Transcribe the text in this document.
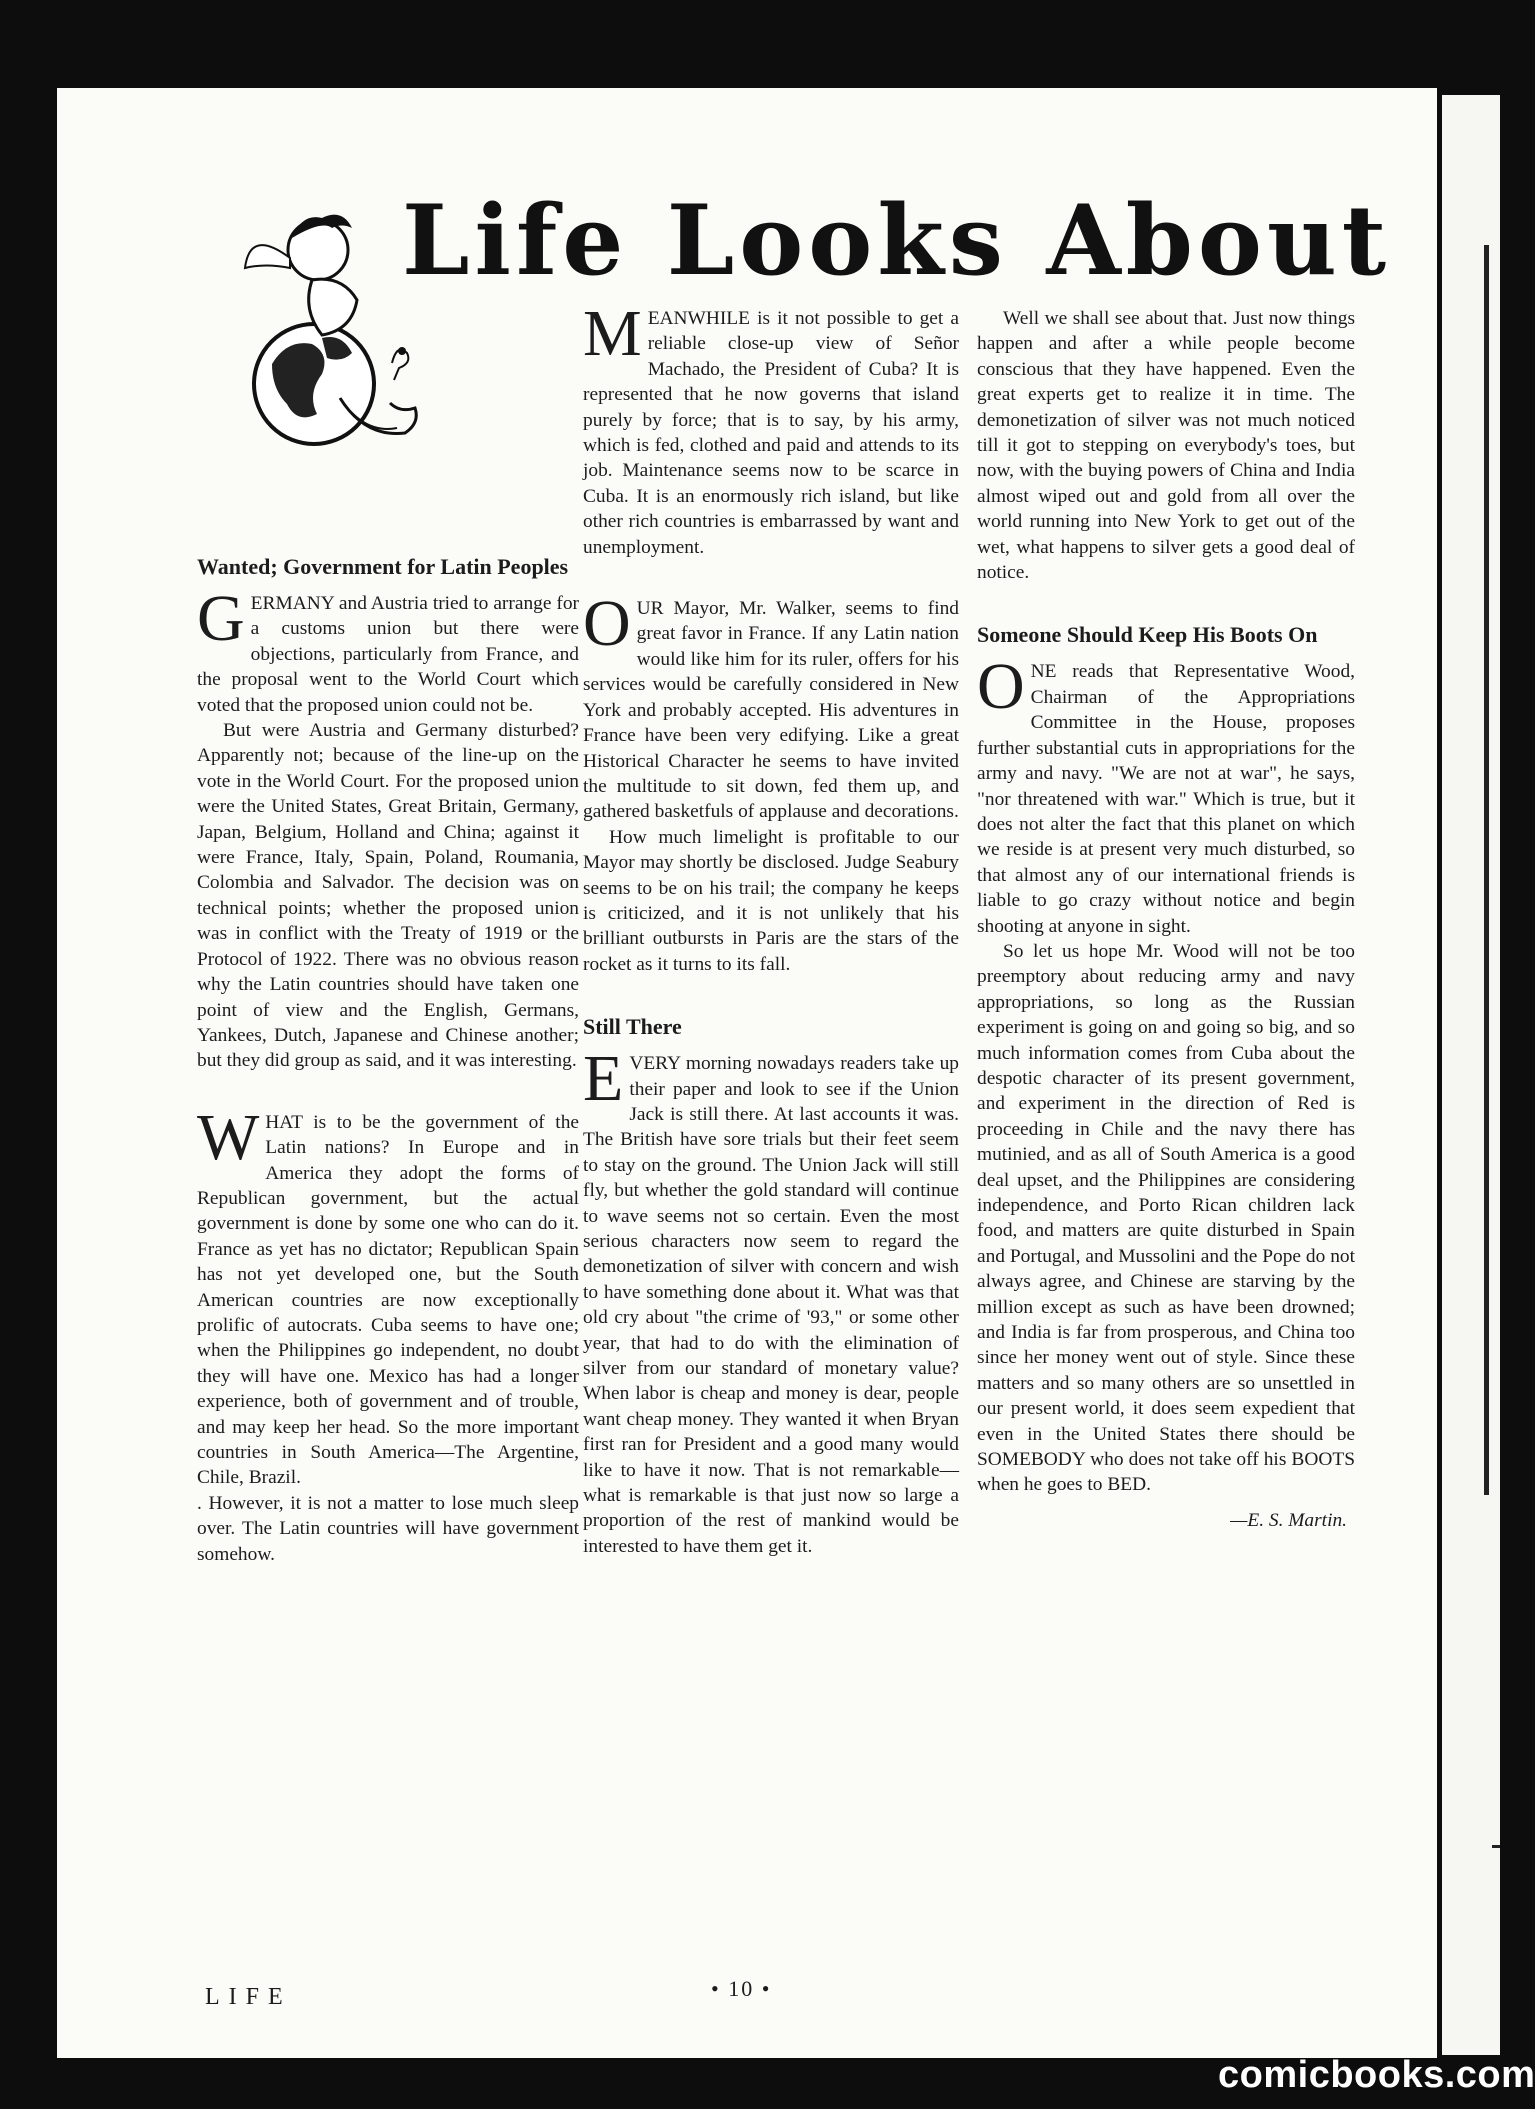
Life Looks About
Wanted; Government for Latin Peoples

GERMANY and Austria tried to arrange for a customs union but there were objections, particularly from France, and the proposal went to the World Court which voted that the proposed union could not be.

But were Austria and Germany disturbed? Apparently not; because of the line-up on the vote in the World Court. For the proposed union were the United States, Great Britain, Germany, Japan, Belgium, Holland and China; against it were France, Italy, Spain, Poland, Roumania, Colombia and Salvador. The decision was on technical points; whether the proposed union was in conflict with the Treaty of 1919 or the Protocol of 1922. There was no obvious reason why the Latin countries should have taken one point of view and the English, Germans, Yankees, Dutch, Japanese and Chinese another; but they did group as said, and it was interesting.

WHAT is to be the government of the Latin nations? In Europe and in America they adopt the forms of Republican government, but the actual government is done by some one who can do it. France as yet has no dictator; Republican Spain has not yet developed one, but the South American countries are now exceptionally prolific of autocrats. Cuba seems to have one; when the Philippines go independent, no doubt they will have one. Mexico has had a longer experience, both of government and of trouble, and may keep her head. So the more important countries in South America—The Argentine, Chile, Brazil.

. However, it is not a matter to lose much sleep over. The Latin countries will have government somehow.

MEANWHILE is it not possible to get a reliable close-up view of Señor Machado, the President of Cuba? It is represented that he now governs that island purely by force; that is to say, by his army, which is fed, clothed and paid and attends to its job. Maintenance seems now to be scarce in Cuba. It is an enormously rich island, but like other rich countries is embarrassed by want and unemployment.

OUR Mayor, Mr. Walker, seems to find great favor in France. If any Latin nation would like him for its ruler, offers for his services would be carefully considered in New York and probably accepted. His adventures in France have been very edifying. Like a great Historical Character he seems to have invited the multitude to sit down, fed them up, and gathered basketfuls of applause and decorations.

How much limelight is profitable to our Mayor may shortly be disclosed. Judge Seabury seems to be on his trail; the company he keeps is criticized, and it is not unlikely that his brilliant outbursts in Paris are the stars of the rocket as it turns to its fall.

Still There

EVERY morning nowadays readers take up their paper and look to see if the Union Jack is still there. At last accounts it was. The British have sore trials but their feet seem to stay on the ground. The Union Jack will still fly, but whether the gold standard will continue to wave seems not so certain. Even the most serious characters now seem to regard the demonetization of silver with concern and wish to have something done about it. What was that old cry about "the crime of '93," or some other year, that had to do with the elimination of silver from our standard of monetary value? When labor is cheap and money is dear, people want cheap money. They wanted it when Bryan first ran for President and a good many would like to have it now. That is not remarkable—what is remarkable is that just now so large a proportion of the rest of mankind would be interested to have them get it.

Well we shall see about that. Just now things happen and after a while people become conscious that they have happened. Even the great experts get to realize it in time. The demonetization of silver was not much noticed till it got to stepping on everybody's toes, but now, with the buying powers of China and India almost wiped out and gold from all over the world running into New York to get out of the wet, what happens to silver gets a good deal of notice.

Someone Should Keep His Boots On

ONE reads that Representative Wood, Chairman of the Appropriations Committee in the House, proposes further substantial cuts in appropriations for the army and navy. "We are not at war", he says, "nor threatened with war." Which is true, but it does not alter the fact that this planet on which we reside is at present very much disturbed, so that almost any of our international friends is liable to go crazy without notice and begin shooting at anyone in sight.

So let us hope Mr. Wood will not be too preemptory about reducing army and navy appropriations, so long as the Russian experiment is going on and going so big, and so much information comes from Cuba about the despotic character of its present government, and experiment in the direction of Red is proceeding in Chile and the navy there has mutinied, and as all of South America is a good deal upset, and the Philippines are considering independence, and Porto Rican children lack food, and matters are quite disturbed in Spain and Portugal, and Mussolini and the Pope do not always agree, and Chinese are starving by the million except as such as have been drowned; and India is far from prosperous, and China too since her money went out of style. Since these matters and so many others are so unsettled in our present world, it does seem expedient that even in the United States there should be SOMEBODY who does not take off his BOOTS when he goes to BED.

—E. S. Martin.
LIFE	• 10 •
comicbooks.com
